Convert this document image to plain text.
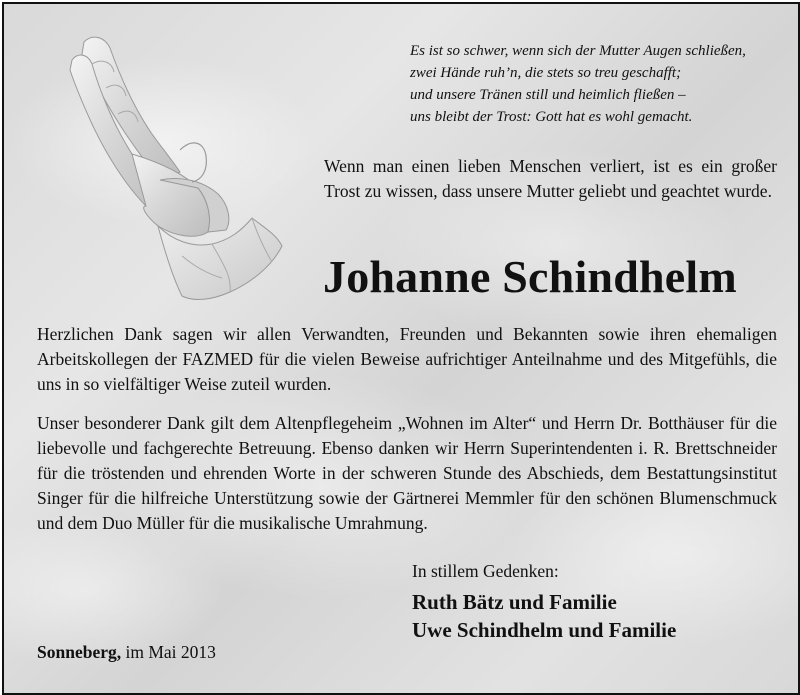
Es ist so schwer, wenn sich der Mutter Augen schließen,
zwei Hände ruh’n, die stets so treu geschafft;
und unsere Tränen still und heimlich fließen –
uns bleibt der Trost: Gott hat es wohl gemacht.
Wenn man einen lieben Menschen verliert, ist es ein großer Trost zu wissen, dass unsere Mutter geliebt und geachtet wurde.
Johanne Schindhelm
Herzlichen Dank sagen wir allen Verwandten, Freunden und Bekannten sowie ihren ehemaligen Arbeitskollegen der FAZMED für die vielen Beweise aufrichtiger Anteilnahme und des Mitgefühls, die uns in so vielfältiger Weise zuteil wurden.
Unser besonderer Dank gilt dem Altenpflegeheim „Wohnen im Alter“ und Herrn Dr. Botthäuser für die liebevolle und fachgerechte Betreuung. Ebenso danken wir Herrn Superintendenten i. R. Brettschneider für die tröstenden und ehrenden Worte in der schweren Stunde des Abschieds, dem Bestattungsinstitut Singer für die hilfreiche Unterstützung sowie der Gärtnerei Memmler für den schönen Blumenschmuck und dem Duo Müller für die musikalische Umrahmung.
In stillem Gedenken:
Ruth Bätz und Familie
Uwe Schindhelm und Familie
Sonneberg, im Mai 2013
